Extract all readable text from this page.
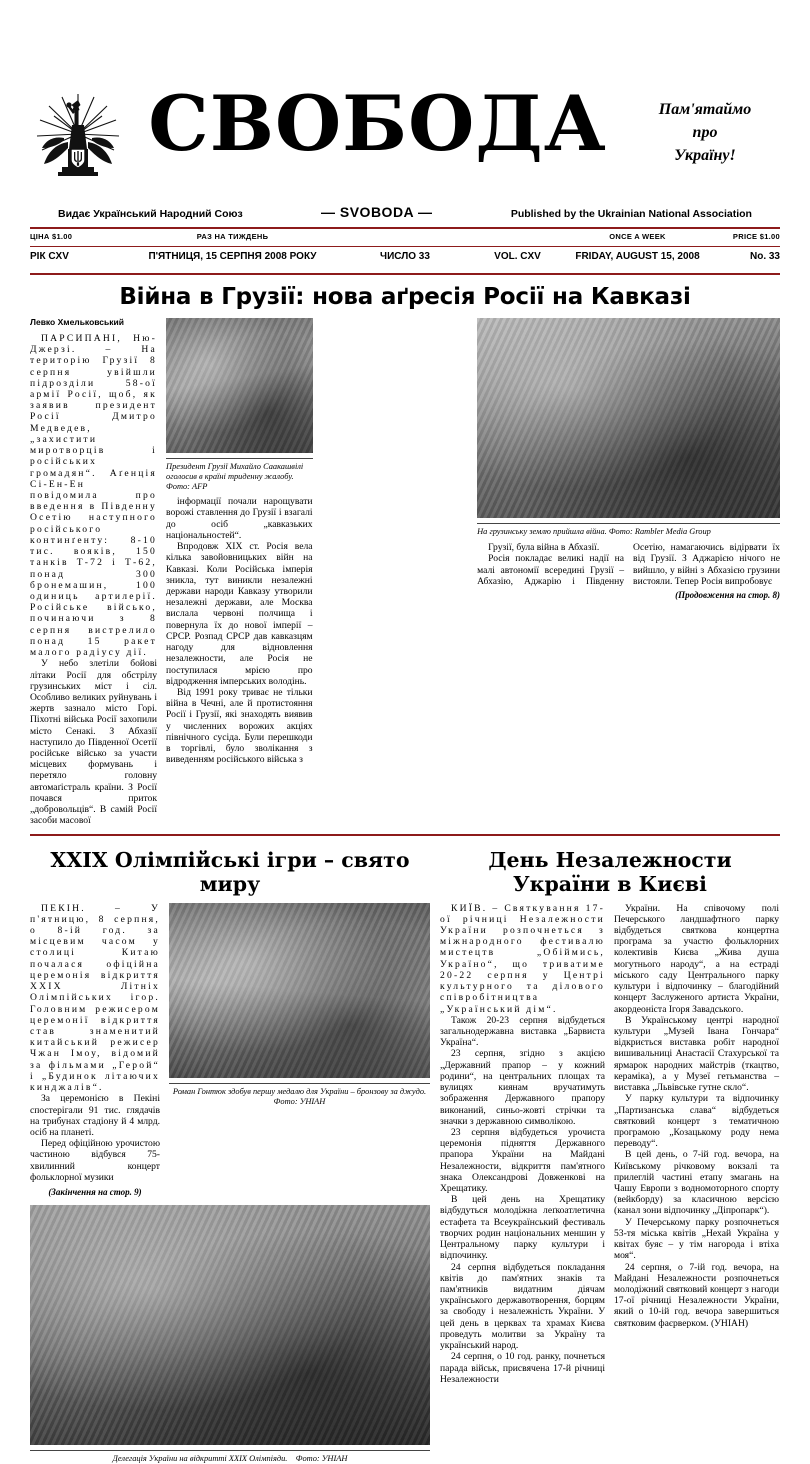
СВОБОДА	Пам'ятаймо
про
Україну!
Видає Український Народний Союз	— SVOBODA —	Published by the Ukrainian National Association
ЦІНА $1.00	РАЗ НА ТИЖДЕНЬ	ONCE A WEEK	PRICE $1.00
РІК CXV	П'ЯТНИЦЯ, 15 СЕРПНЯ 2008 РОКУ	ЧИСЛО 33	VOL. CXV	FRIDAY, AUGUST 15, 2008	No. 33
Війна в Грузії: нова аґресія Росії на Кавказі
Левко Хмельковський

ПАРСИПАНІ, Ню-Джерзі. – На територію Грузії 8 серпня увійшли підрозділи 58-ої армії Росії, щоб, як заявив президент Росії Дмитро Медведев, „захистити миротворців і російських громадян“. Аґенція Сі-Ен-Ен повідомила про введення в Південну Осетію наступного російського континґенту: 8-10 тис. вояків, 150 танків Т-72 і Т-62, понад 300 бронемашин, 100 одиниць артилерії. Російське військо, починаючи з 8 серпня вистрелило понад 15 ракет малого радіусу дії.

У небо злетіли бойові літаки Росії для обстрілу грузинських міст і сіл. Особливо великих руйнувань і жертв зазнало місто Горі. Піхотні війська Росії захопили місто Сенакі. З Абхазії наступило до Південної Осетії російське військо за участи місцевих формувань і перетяло головну автомаґістраль країни. З Росії почався приток „добровольців“. В самій Росії засоби масової

Президент Грузії Михайло Саакашвілі оголосив в країні триденну жалобу. Фото: AFP

інформації почали нарощувати ворожі ставлення до Грузії і взагалі до осіб „кавказьких національностей“.

Впродовж XIX ст. Росія вела кілька завойовницьких війн на Кавказі. Коли Російська імперія зникла, тут виникли незалежні держави народи Кавказу утворили незалежні держави, але Москва вислала червоні полчища і повернула їх до нової імперії – СРСР. Розпад СРСР дав кавказцям нагоду для відновлення незалежности, але Росія не поступилася мрією про відродження імперських володінь.

Від 1991 року триває не тільки війна в Чечні, але й протистояння Росії і Грузії, які знаходять виявив у численних ворожих акціях північного сусіда. Були перешкоди в торгівлі, було зволікання з виведенням російського війська з

На грузинську землю прийшла війна. Фото: Rambler Media Group

Грузії, була війна в Абхазії.

Росія покладає великі надії на малі автономії всередині Грузії – Абхазію, Аджарію і Південну Осетію, намагаючись відірвати їх від Грузії. З Аджарією нічого не вийшло, у війні з Абхазією грузини вистояли. Тепер Росія випробовує

(Продовження на стор. 8)
XXIX Олімпійські ігри – свято миру

ПЕКІН. – У п'ятницю, 8 серпня, о 8-ій год. за місцевим часом у столиці Китаю почалася офіційна церемонія відкриття XXIX Літніх Олімпійських ігор. Головним режисером церемонії відкриття став знаменитий китайський режисер Чжан Імоу, відомий за фільмами „Герой“ і „Будинок літаючих кинджалів“.

За церемонією в Пекіні спостерігали 91 тис. глядачів на трибунах стадіону й 4 млрд. осіб на планеті.

Перед офіційною урочистою частиною відбувся 75-хвилинний концерт фольклорної музики

(Закінчення на стор. 9)
Роман Гонтюк здобув першу медалю для України – бронзову за джудо. Фото: УНІАН
Делегація України на відкритті XXIX Олімпіяди. Фото: УНІАН
День Незалежности України в Києві

КИЇВ. – Святкування 17-ої річниці Незалежности України розпочнеться з міжнародного фестивалю мистецтв „Обіймись, Україно“, що триватиме 20-22 серпня у Центрі культурного та ділового співробітництва „Український дім“.

Також 20-23 серпня відбудеться загальнодержавна виставка „Барвиста Україна“.

23 серпня, згідно з акцією „Державний прапор – у кожний родини“, на центральних площах та вулицях киянам вручатимуть зображення Державного прапору виконаний, синьо-жовті стрічки та значки з державною символікою.

23 серпня відбудеться урочиста церемонія підняття Державного прапора України на Майдані Незалежности, відкриття пам'ятного знака Олександрові Довженкові на Хрещатику.

В цей день на Хрещатику відбудуться молодіжна леґкоатлетична естафета та Всеукраїнський фестиваль творчих родин національних меншин у Центральному парку культури і відпочинку.

24 серпня відбудеться покладання квітів до пам'ятних знаків та пам'ятників видатним діячам українського державотворення, борцям за свободу і незалежність України. У цей день в церквах та храмах Києва проведуть молитви за Україну та український народ.

24 серпня, о 10 год. ранку, почнеться парада військ, присвячена 17-й річниці Незалежности

України. На співочому полі Печерського ландшафтного парку відбудеться святкова концертна програма за участю фольклорних колективів Києва „Жива душа могутнього народу“, а на естраді міського саду Центрального парку культури і відпочинку – благодійний концерт Заслуженого артиста України, акордеоніста Ігоря Завадського.

В Українському центрі народної культури „Музей Івана Гончара“ відкриється виставка робіт народної вишивальниці Анастасії Стахурської та ярмарок народних майстрів (ткацтво, кераміка), а у Музеї гетьманства – виставка „Львівське гутне скло“.

У парку культури та відпочинку „Партизанська слава“ відбудеться святковий концерт з тематичною програмою „Козацькому роду нема переводу“.

В цей день, о 7-ій год. вечора, на Київському річковому вокзалі та прилеглій частині етапу змагань на Чашу Европи з водномоторного спорту (вейкборду) за класичною версією (канал зони відпочинку „Діпропарк“).

У Печерському парку розпочнеться 53-тя міська квітів „Нехай Україна у квітах буяє – у тім нагорода і втіха моя“.

24 серпня, о 7-ій год. вечора, на Майдані Незалежности розпочнеться молодіжний святковий концерт з нагоди 17-ої річниці Незалежности України, який о 10-ій год. вечора завершиться святковим фаєрверком. (УНІАН)
